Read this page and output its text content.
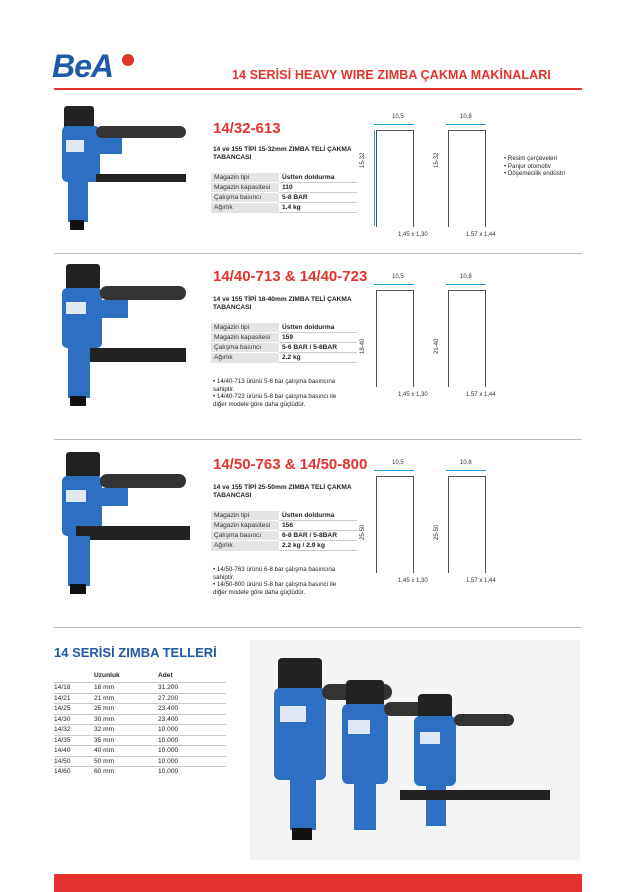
BeA	14 SERİSİ HEAVY WIRE ZIMBA ÇAKMA MAKİNALARI
14/32-613
14 ve 155 TİPİ 15-32mm ZIMBA TELİ ÇAKMA TABANCASI
Magazin tipi	Üstten doldurma
Magazin kapasitesi	110
Çalışma basıncı	5-8 BAR
Ağırlık	1.4 kg
10,5
15-32
1,45 x 1,30
10,8
15-32
1,57 x 1,44
• Resim çerçeveleri
• Panjur otomotiv
• Döşemecilik endüstri
14/40-713 & 14/40-723
14 ve 155 TİPİ 18-40mm ZIMBA TELİ ÇAKMA TABANCASI
Magazin tipi	Üstten doldurma
Magazin kapasitesi	159
Çalışma basıncı	5-6 BAR / 5-8BAR
Ağırlık	2.2 kg
• 14/40-713 ürünü 5-6 bar çalışma basıncına sahiptir.
• 14/40-723 ürünü 5-8 bar çalışma basıncı ile diğer modele göre daha güçlüdür.
10,5
18-40
1,45 x 1,30
10,8
21-40
1,57 x 1,44
14/50-763 & 14/50-800
14 ve 155 TİPİ 25-50mm ZIMBA TELİ ÇAKMA TABANCASI
Magazin tipi	Üstten doldurma
Magazin kapasitesi	156
Çalışma basıncı	6-8 BAR / 5-8BAR
Ağırlık	2.2 kg / 2.9 kg
• 14/50-763 ürünü 6-8 bar çalışma basıncına sahiptir.
• 14/50-800 ürünü 5-8 bar çalışma basıncı ile diğer modele göre daha güçlüdür.
10,5
25-50
1,45 x 1,30
10,8
25-50
1,57 x 1,44
14 SERİSİ ZIMBA TELLERİ
	Uzunluk	Adet
14/18	18 mm	31.200
14/21	21 mm	27.200
14/25	25 mm	23.400
14/30	30 mm	23.400
14/32	32 mm	10.000
14/35	35 mm	10.000
14/40	40 mm	10.000
14/50	50 mm	10.000
14/60	60 mm	10.000
